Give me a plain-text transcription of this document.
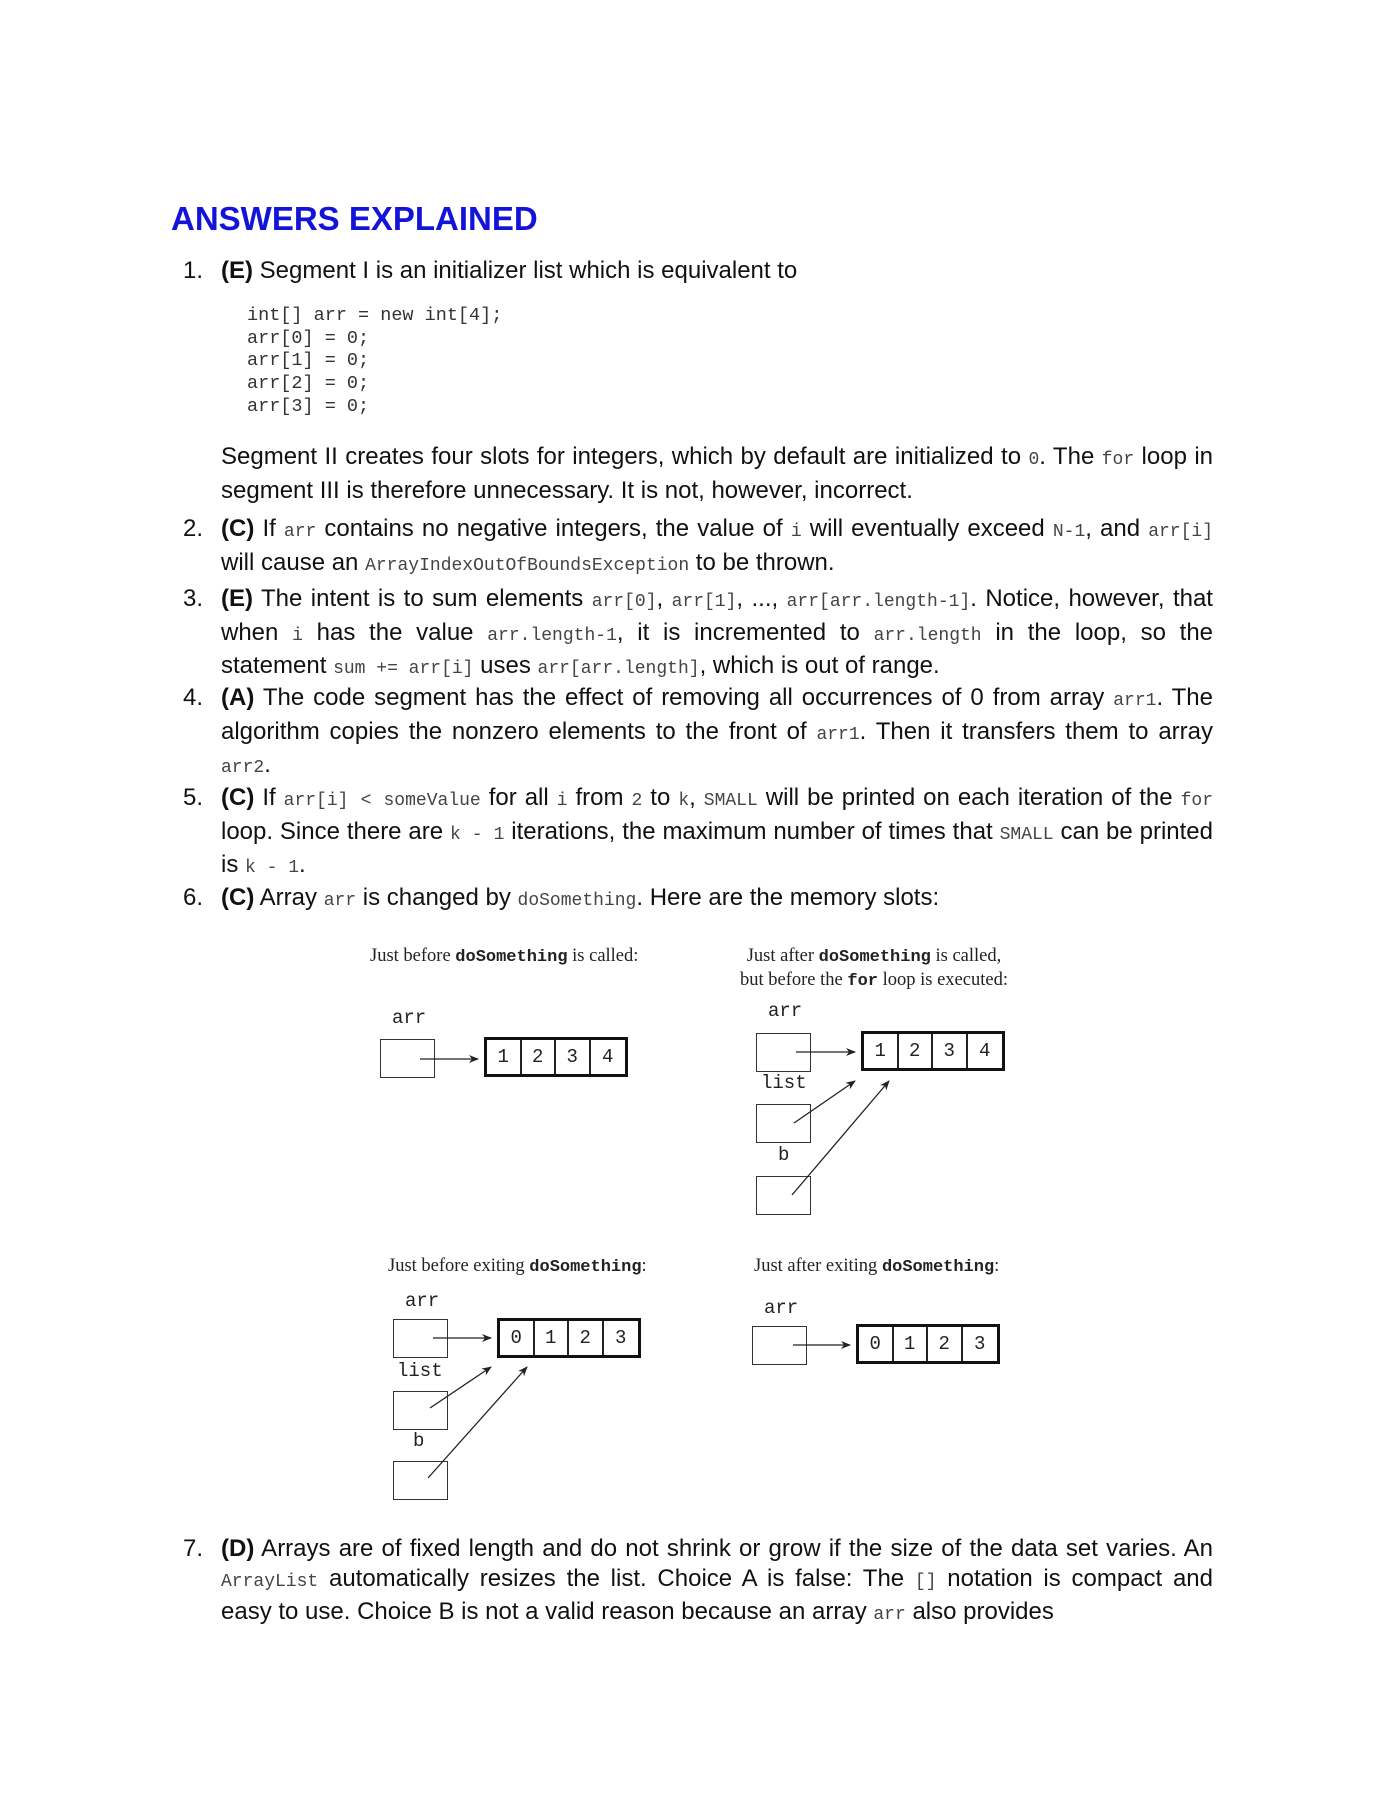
ANSWERS EXPLAINED
1. (E) Segment I is an initializer list which is equivalent to
int[] arr = new int[4];
arr[0] = 0;
arr[1] = 0;
arr[2] = 0;
arr[3] = 0;
Segment II creates four slots for integers, which by default are initialized to 0. The for loop in segment III is therefore unnecessary. It is not, however, incorrect.
2. (C) If arr contains no negative integers, the value of i will eventually exceed N-1, and arr[i] will cause an ArrayIndexOutOfBoundsException to be thrown.
3. (E) The intent is to sum elements arr[0], arr[1], ..., arr[arr.length-1]. Notice, however, that when i has the value arr.length-1, it is incremented to arr.length in the loop, so the statement sum += arr[i] uses arr[arr.length], which is out of range.
4. (A) The code segment has the effect of removing all occurrences of 0 from array arr1. The algorithm copies the nonzero elements to the front of arr1. Then it transfers them to array arr2.
5. (C) If arr[i] < someValue for all i from 2 to k, SMALL will be printed on each iteration of the for loop. Since there are k - 1 iterations, the maximum number of times that SMALL can be printed is k - 1.
6. (C) Array arr is changed by doSomething. Here are the memory slots:
Just before doSomething is called:
arr
1	2	3	4
Just after doSomething is called,
but before the for loop is executed:
arr
1	2	3	4
list
b
Just before exiting doSomething:
arr
0	1	2	3
list
b
Just after exiting doSomething:
arr
0	1	2	3
7. (D) Arrays are of fixed length and do not shrink or grow if the size of the data set varies. An ArrayList automatically resizes the list. Choice A is false: The [] notation is compact and easy to use. Choice B is not a valid reason because an array arr also provides
